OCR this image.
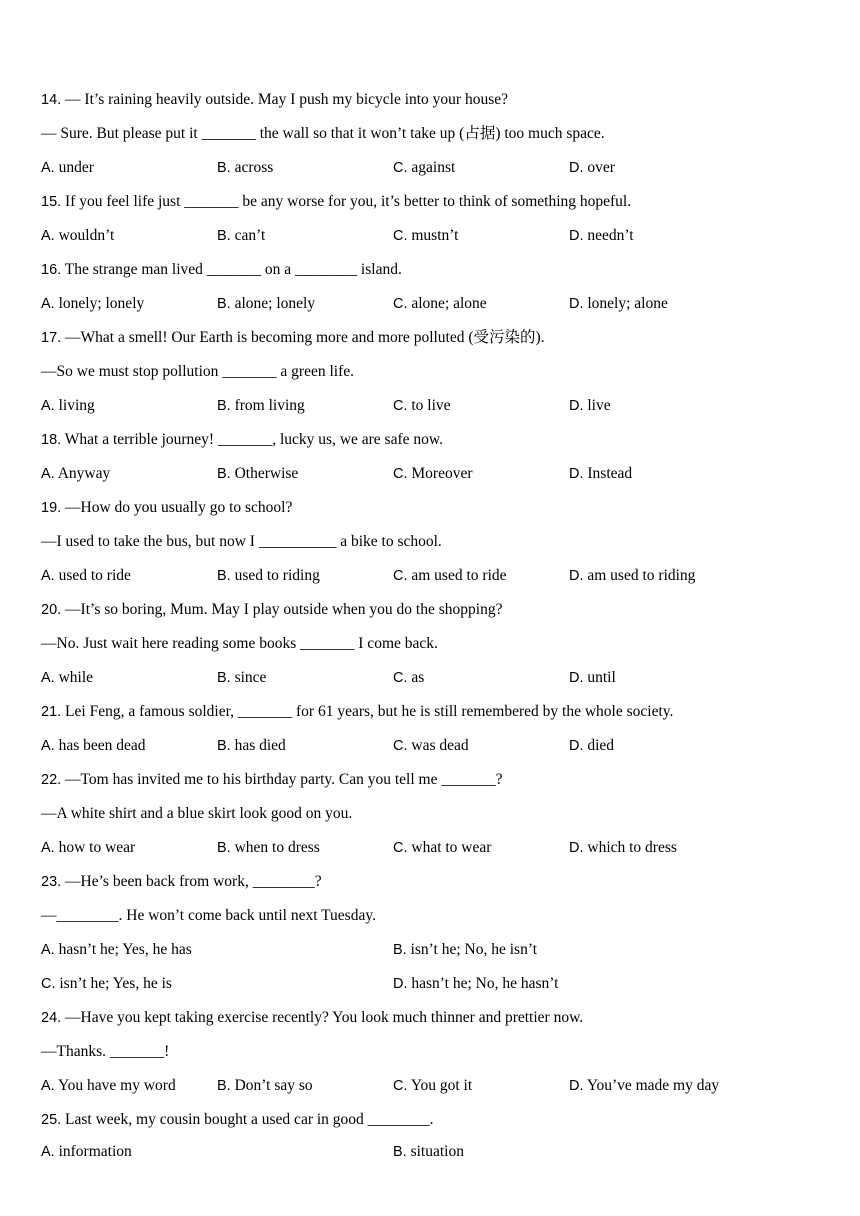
14. — It’s raining heavily outside. May I push my bicycle into your house?
— Sure. But please put it _______ the wall so that it won’t take up (占据) too much space.
A. under	B. across	C. against	D. over
15. If you feel life just _______ be any worse for you, it’s better to think of something hopeful.
A. wouldn’t	B. can’t	C. mustn’t	D. needn’t
16. The strange man lived _______ on a ________ island.
A. lonely; lonely	B. alone; lonely	C. alone; alone	D. lonely; alone
17. —What a smell! Our Earth is becoming more and more polluted (受污染的).
—So we must stop pollution _______ a green life.
A. living	B. from living	C. to live	D. live
18. What a terrible journey! _______, lucky us, we are safe now.
A. Anyway	B. Otherwise	C. Moreover	D. Instead
19. —How do you usually go to school?
—I used to take the bus, but now I __________ a bike to school.
A. used to ride	B. used to riding	C. am used to ride	D. am used to riding
20. —It’s so boring, Mum. May I play outside when you do the shopping?
—No. Just wait here reading some books _______ I come back.
A. while	B. since	C. as	D. until
21. Lei Feng, a famous soldier, _______ for 61 years, but he is still remembered by the whole society.
A. has been dead	B. has died	C. was dead	D. died
22. —Tom has invited me to his birthday party. Can you tell me _______?
—A white shirt and a blue skirt look good on you.
A. how to wear	B. when to dress	C. what to wear	D. which to dress
23. —He’s been back from work, ________?
—________. He won’t come back until next Tuesday.
A. hasn’t he; Yes, he has	B. isn’t he; No, he isn’t
C. isn’t he; Yes, he is	D. hasn’t he; No, he hasn’t
24. —Have you kept taking exercise recently? You look much thinner and prettier now.
—Thanks. _______!
A. You have my word	B. Don’t say so	C. You got it	D. You’ve made my day
25. Last week, my cousin bought a used car in good ________.
A. information	B. situation
